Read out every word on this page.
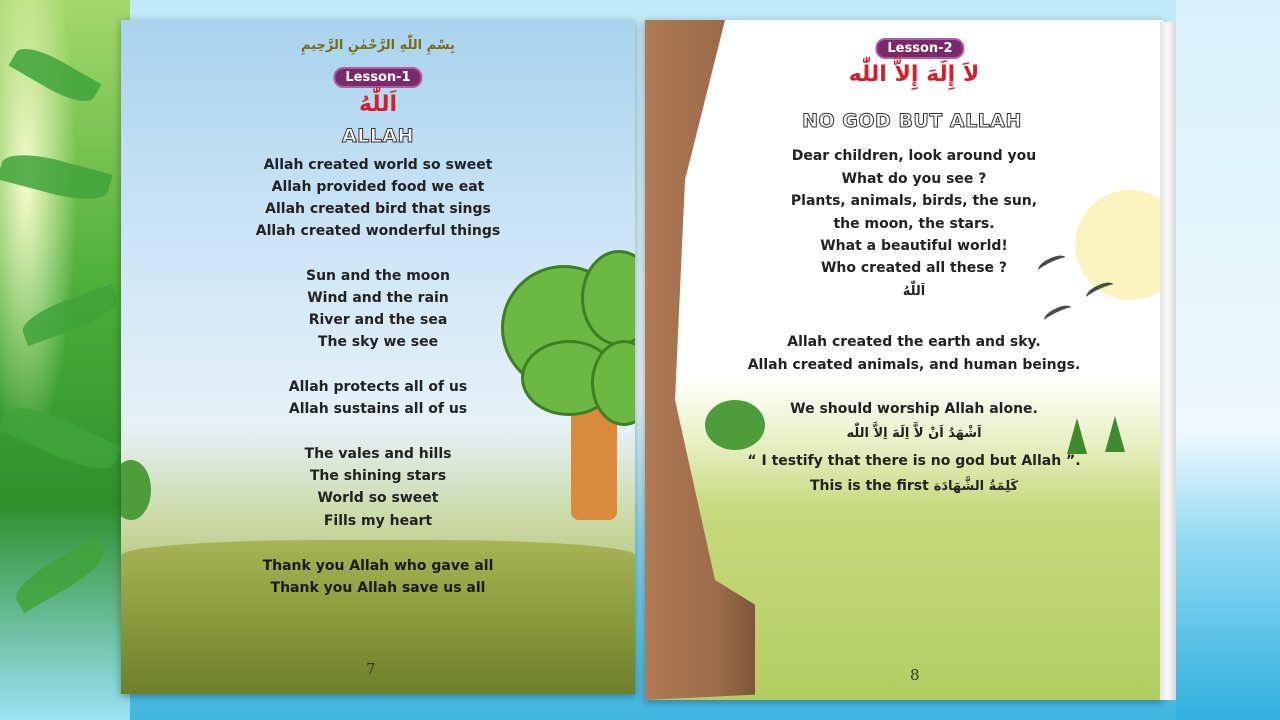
بِسْمِ اللّٰهِ الرَّحْمٰنِ الرَّحِيمِ
Lesson-1
اَللّٰهُ
ALLAH
Allah created world so sweet
Allah provided food we eat
Allah created bird that sings
Allah created wonderful things
Sun and the moon
Wind and the rain
River and the sea
The sky we see
Allah protects all of us
Allah sustains all of us
The vales and hills
The shining stars
World so sweet
Fills my heart
Thank you Allah who gave all
Thank you Allah save us all
7
Lesson-2
لاَ إِلَهَ إِلاَّ اللّٰه
NO GOD BUT ALLAH
Dear children, look around you
What do you see ?
Plants, animals, birds, the sun,
the moon, the stars.
What a beautiful world!
Who created all these ?
اَللّٰهُ
Allah created the earth and sky.
Allah created animals, and human beings.
We should worship Allah alone.
اَشْهَدُ اَنْ لاَّ اِلَهَ اِلاَّ اللّٰه
“ I testify that there is no god but Allah ”.
This is the first كَلِمَةُ الشَّهَادَة
8
